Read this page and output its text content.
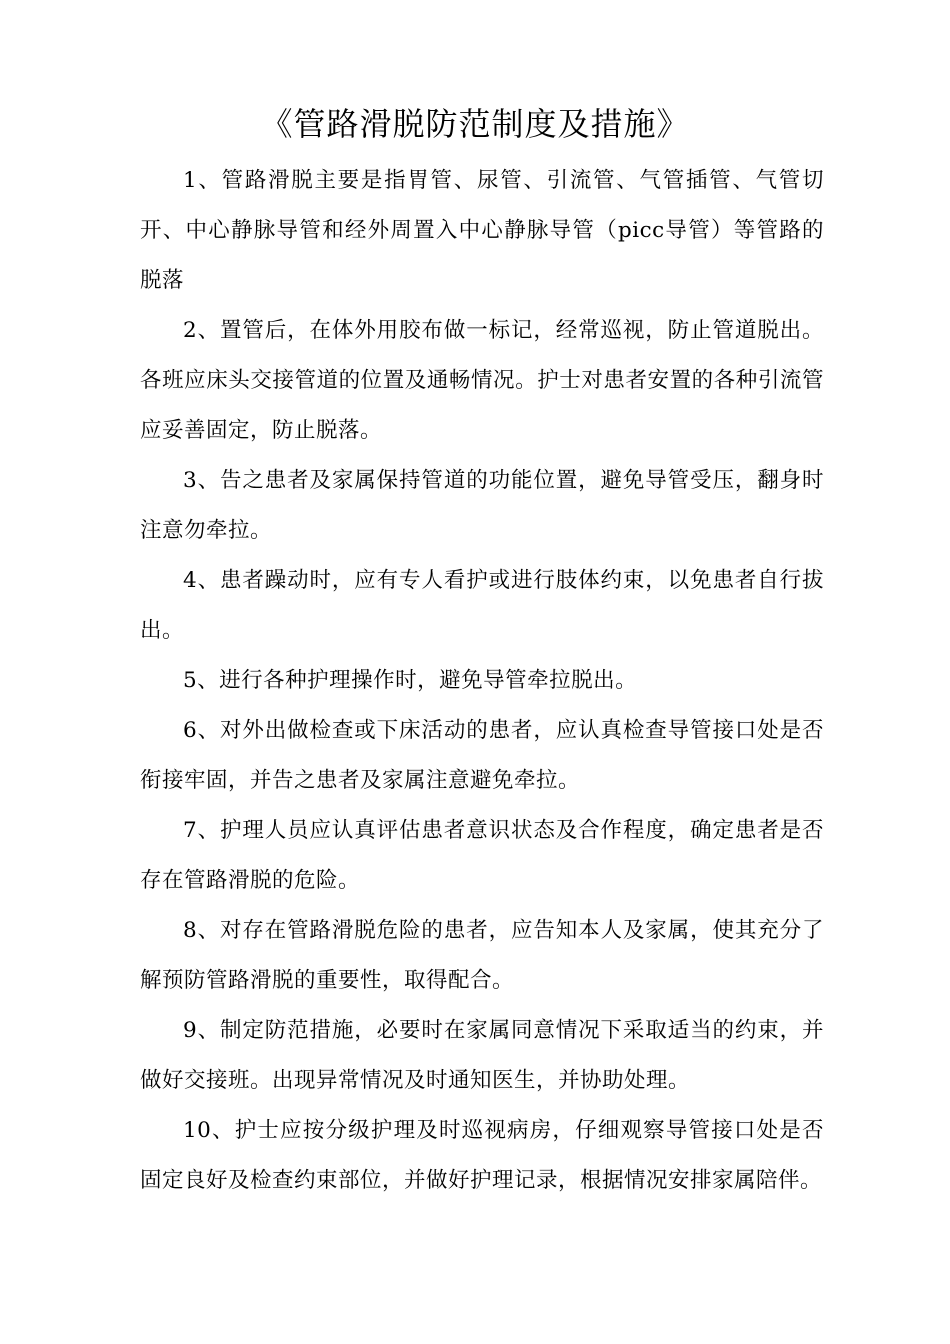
《管路滑脱防范制度及措施》

1、管路滑脱主要是指胃管、尿管、引流管、气管插管、气管切开、中心静脉导管和经外周置入中心静脉导管（picc导管）等管路的脱落

2、置管后，在体外用胶布做一标记，经常巡视，防止管道脱出。各班应床头交接管道的位置及通畅情况。护士对患者安置的各种引流管应妥善固定，防止脱落。

3、告之患者及家属保持管道的功能位置，避免导管受压，翻身时注意勿牵拉。

4、患者躁动时，应有专人看护或进行肢体约束，以免患者自行拔出。

5、进行各种护理操作时，避免导管牵拉脱出。

6、对外出做检查或下床活动的患者，应认真检查导管接口处是否衔接牢固，并告之患者及家属注意避免牵拉。

7、护理人员应认真评估患者意识状态及合作程度，确定患者是否存在管路滑脱的危险。

8、对存在管路滑脱危险的患者，应告知本人及家属，使其充分了解预防管路滑脱的重要性，取得配合。

9、制定防范措施，必要时在家属同意情况下采取适当的约束，并做好交接班。出现异常情况及时通知医生，并协助处理。

10、护士应按分级护理及时巡视病房，仔细观察导管接口处是否固定良好及检查约束部位，并做好护理记录，根据情况安排家属陪伴。
